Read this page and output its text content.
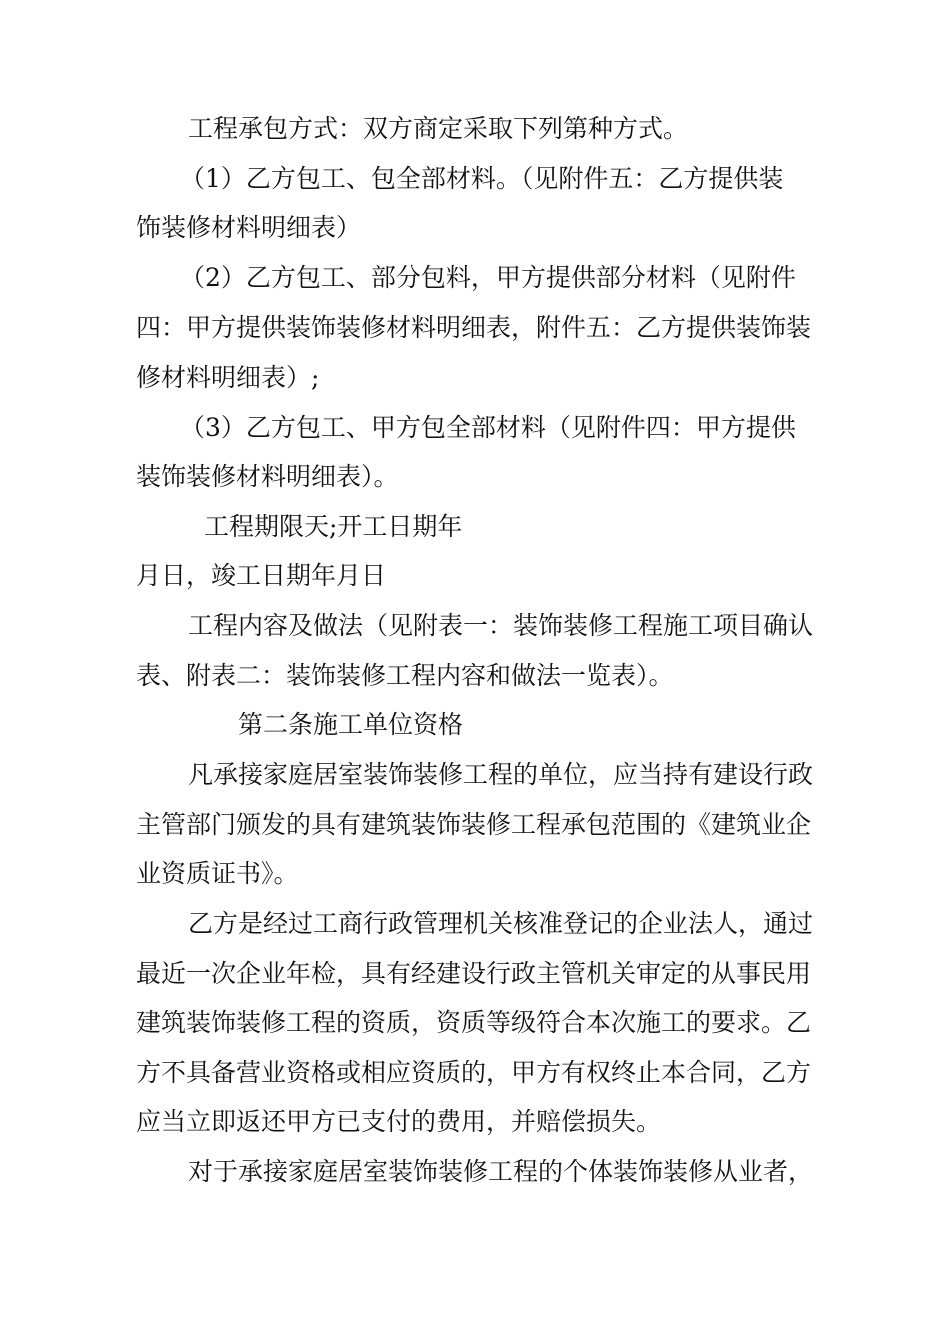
工程承包方式：双方商定采取下列第种方式。

（1）乙方包工、包全部材料。（见附件五：乙方提供装

饰装修材料明细表）

（2）乙方包工、部分包料，甲方提供部分材料（见附件

四：甲方提供装饰装修材料明细表，附件五：乙方提供装饰装

修材料明细表）;

（3）乙方包工、甲方包全部材料（见附件四：甲方提供

装饰装修材料明细表）。

工程期限天;开工日期年

月日，竣工日期年月日

工程内容及做法（见附表一：装饰装修工程施工项目确认

表、附表二：装饰装修工程内容和做法一览表）。

第二条施工单位资格

凡承接家庭居室装饰装修工程的单位，应当持有建设行政

主管部门颁发的具有建筑装饰装修工程承包范围的《建筑业企

业资质证书》。

乙方是经过工商行政管理机关核准登记的企业法人，通过

最近一次企业年检，具有经建设行政主管机关审定的从事民用

建筑装饰装修工程的资质，资质等级符合本次施工的要求。乙

方不具备营业资格或相应资质的，甲方有权终止本合同，乙方

应当立即返还甲方已支付的费用，并赔偿损失。

对于承接家庭居室装饰装修工程的个体装饰装修从业者，
